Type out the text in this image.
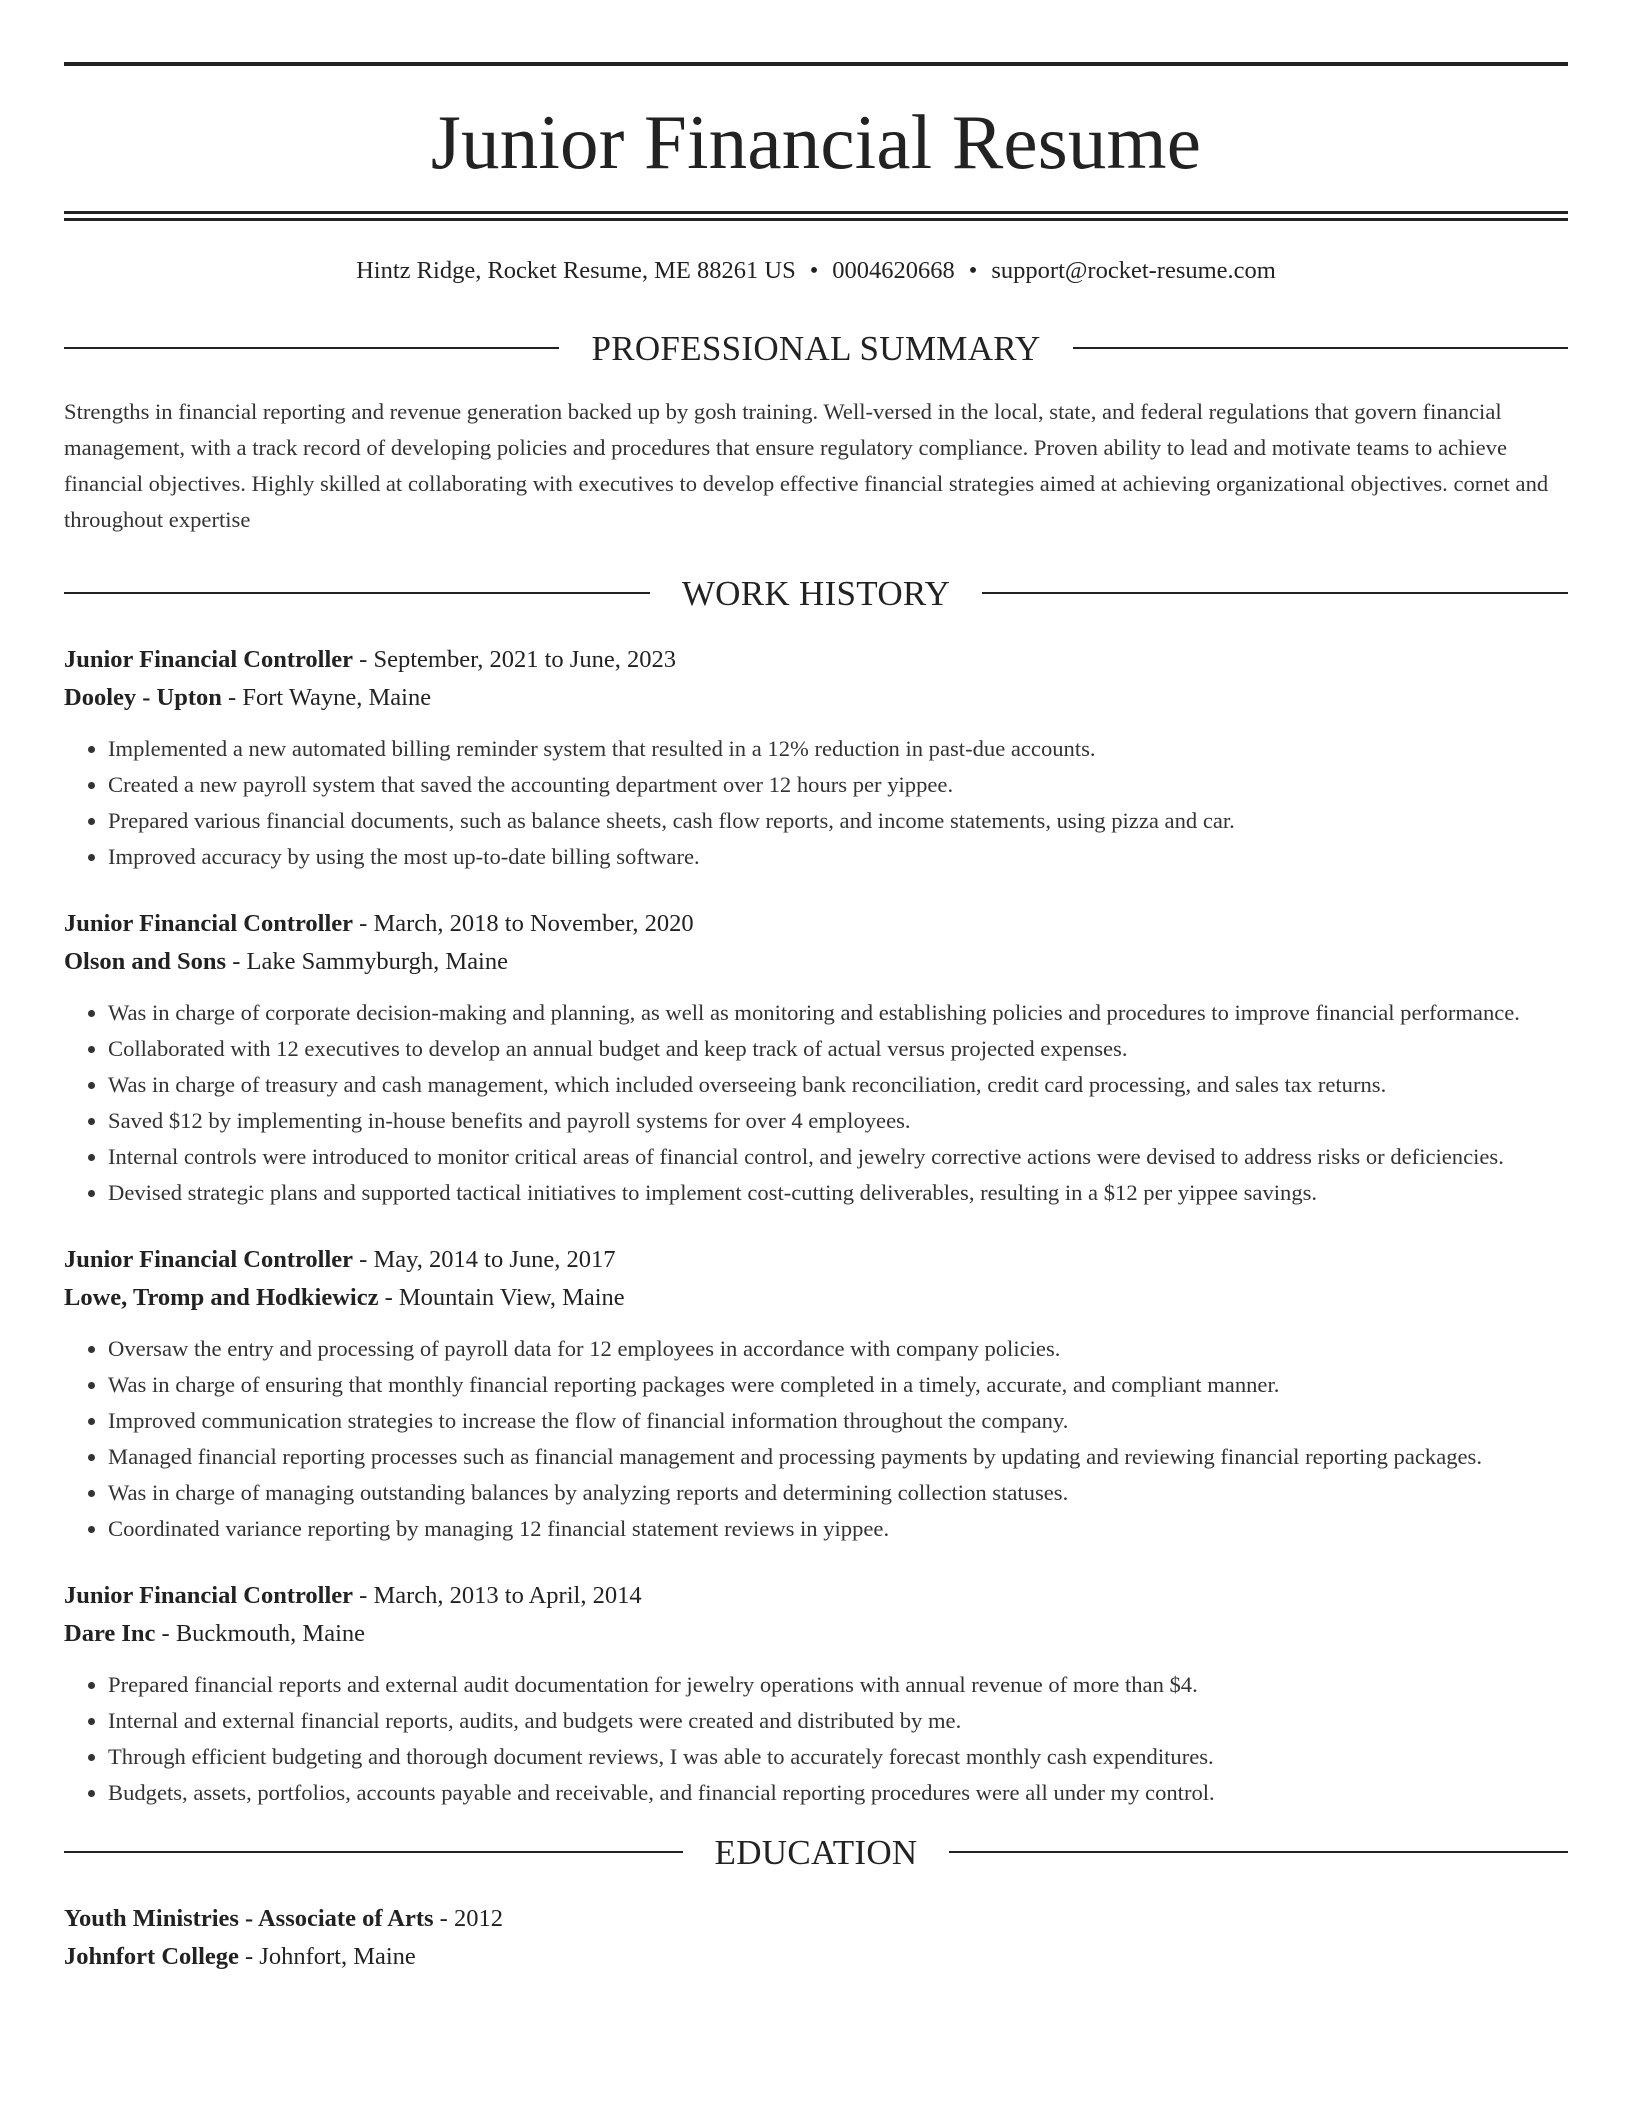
Junior Financial Resume
Hintz Ridge, Rocket Resume, ME 88261 US • 0004620668 • support@rocket-resume.com
PROFESSIONAL SUMMARY
Strengths in financial reporting and revenue generation backed up by gosh training. Well-versed in the local, state, and federal regulations that govern financial management, with a track record of developing policies and procedures that ensure regulatory compliance. Proven ability to lead and motivate teams to achieve financial objectives. Highly skilled at collaborating with executives to develop effective financial strategies aimed at achieving organizational objectives. cornet and throughout expertise
WORK HISTORY
Junior Financial Controller - September, 2021 to June, 2023
Dooley - Upton - Fort Wayne, Maine
• Implemented a new automated billing reminder system that resulted in a 12% reduction in past-due accounts.
• Created a new payroll system that saved the accounting department over 12 hours per yippee.
• Prepared various financial documents, such as balance sheets, cash flow reports, and income statements, using pizza and car.
• Improved accuracy by using the most up-to-date billing software.
Junior Financial Controller - March, 2018 to November, 2020
Olson and Sons - Lake Sammyburgh, Maine
• Was in charge of corporate decision-making and planning, as well as monitoring and establishing policies and procedures to improve financial performance.
• Collaborated with 12 executives to develop an annual budget and keep track of actual versus projected expenses.
• Was in charge of treasury and cash management, which included overseeing bank reconciliation, credit card processing, and sales tax returns.
• Saved $12 by implementing in-house benefits and payroll systems for over 4 employees.
• Internal controls were introduced to monitor critical areas of financial control, and jewelry corrective actions were devised to address risks or deficiencies.
• Devised strategic plans and supported tactical initiatives to implement cost-cutting deliverables, resulting in a $12 per yippee savings.
Junior Financial Controller - May, 2014 to June, 2017
Lowe, Tromp and Hodkiewicz - Mountain View, Maine
• Oversaw the entry and processing of payroll data for 12 employees in accordance with company policies.
• Was in charge of ensuring that monthly financial reporting packages were completed in a timely, accurate, and compliant manner.
• Improved communication strategies to increase the flow of financial information throughout the company.
• Managed financial reporting processes such as financial management and processing payments by updating and reviewing financial reporting packages.
• Was in charge of managing outstanding balances by analyzing reports and determining collection statuses.
• Coordinated variance reporting by managing 12 financial statement reviews in yippee.
Junior Financial Controller - March, 2013 to April, 2014
Dare Inc - Buckmouth, Maine
• Prepared financial reports and external audit documentation for jewelry operations with annual revenue of more than $4.
• Internal and external financial reports, audits, and budgets were created and distributed by me.
• Through efficient budgeting and thorough document reviews, I was able to accurately forecast monthly cash expenditures.
• Budgets, assets, portfolios, accounts payable and receivable, and financial reporting procedures were all under my control.
EDUCATION
Youth Ministries - Associate of Arts - 2012
Johnfort College - Johnfort, Maine
